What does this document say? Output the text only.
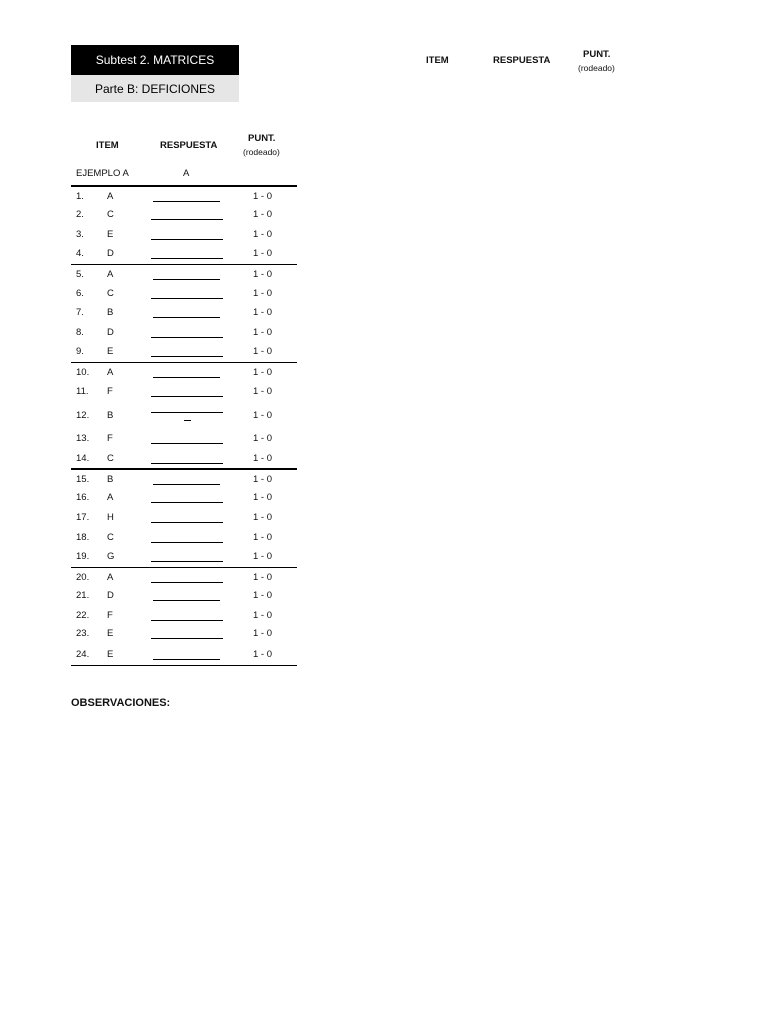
Subtest 2. MATRICES
Parte B: DEFICIONES
ITEM	RESPUESTA
PUNT.
(rodeado)
ITEM	RESPUESTA
PUNT.
(rodeado)
EJEMPLO A	A
1. A	1 - 0
2. C	1 - 0
3. E	1 - 0
4. D	1 - 0
5. A	1 - 0
6. C	1 - 0
7. B	1 - 0
8. D	1 - 0
9. E	1 - 0
10. A	1 - 0
11. F	1 - 0
12. B	1 - 0
13. F	1 - 0
14. C	1 - 0
15. B	1 - 0
16. A	1 - 0
17. H	1 - 0
18. C	1 - 0
19. G	1 - 0
20. A	1 - 0
21. D	1 - 0
22. F	1 - 0
23. E	1 - 0
24. E	1 - 0
OBSERVACIONES:
